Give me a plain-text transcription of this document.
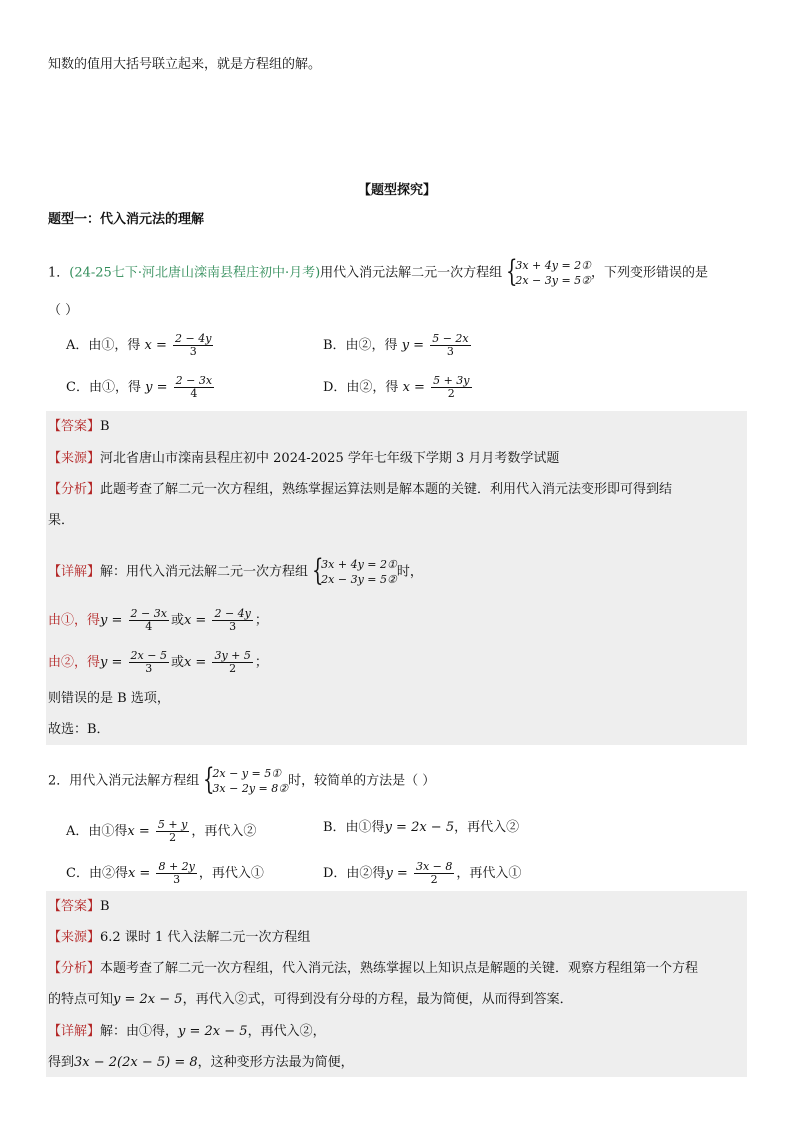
知数的值用大括号联立起来，就是方程组的解。
【题型探究】
题型一：代入消元法的理解
1．(24-25七下·河北唐山滦南县程庄初中·月考)用代入消元法解二元一次方程组 {
3x + 4y = 2①
2x − 3y = 5② ，下列变形错误的是
（ ）
A．由①，得 $x = \frac{2 - 4y}{3}$	B．由②，得 $y = \frac{5 - 2x}{3}$
C．由①，得 $y = \frac{2 - 3x}{4}$	D．由②，得 $x = \frac{5 + 3y}{2}$
【答案】B
【来源】河北省唐山市滦南县程庄初中 2024-2025 学年七年级下学期 3 月月考数学试题
【分析】此题考查了解二元一次方程组，熟练掌握运算法则是解本题的关键．利用代入消元法变形即可得到结
果．
【详解】解：用代入消元法解二元一次方程组 {
3x + 4y = 2①
2x − 3y = 5② 时，
由①，得$y = \frac{2 - 3x}{4}$ 或$x = \frac{2 - 4y}{3}$ ；
由②，得$y = \frac{2x - 5}{3}$ 或$x = \frac{3y + 5}{2}$ ；
则错误的是 B 选项，
故选：B．
2．用代入消元法解方程组 {
2x − y = 5①
3x − 2y = 8② 时，较简单的方法是（ ）
A．由①得$x = \frac{5 + y}{2}$ ，再代入②	B．由①得y = 2x − 5，再代入②
C．由②得$x = \frac{8 + 2y}{3}$ ，再代入①	D．由②得$y = \frac{3x - 8}{2}$ ，再代入①
【答案】B
【来源】6.2 课时 1 代入法解二元一次方程组
【分析】本题考查了解二元一次方程组，代入消元法，熟练掌握以上知识点是解题的关键．观察方程组第一个方程
的特点可知y = 2x − 5，再代入②式，可得到没有分母的方程，最为简便，从而得到答案．
【详解】解：由①得，y = 2x − 5，再代入②，
得到3x − 2(2x − 5) = 8，这种变形方法最为简便，
